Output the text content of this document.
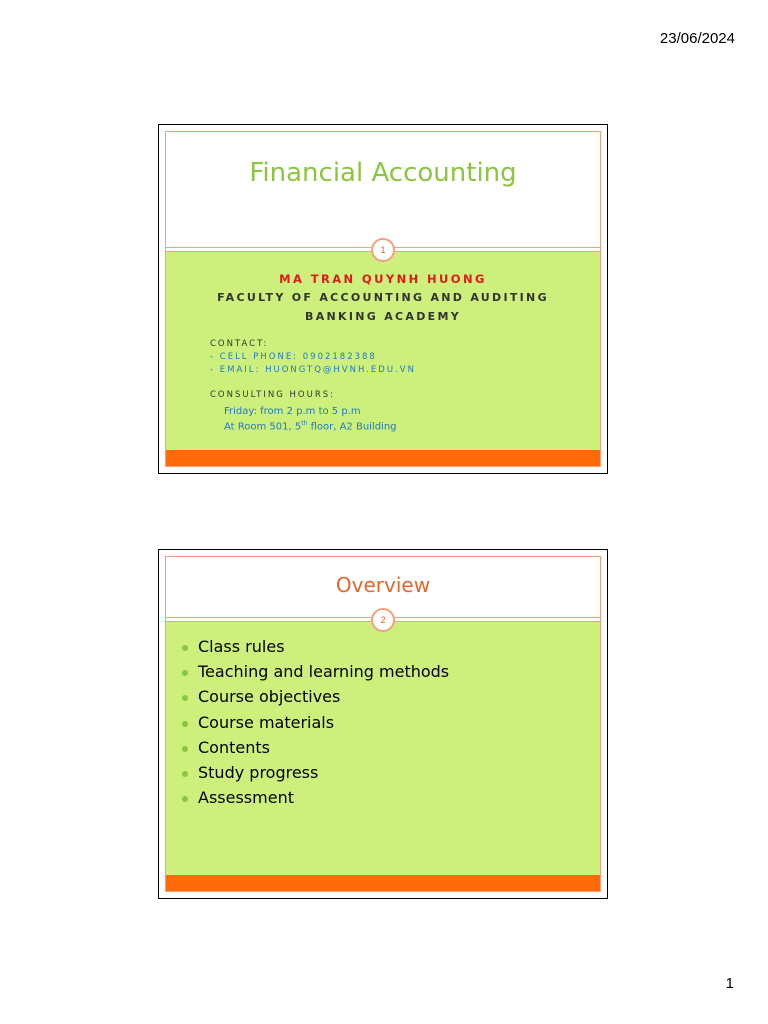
23/06/2024
Financial Accounting
1
MA TRAN QUYNH HUONG
FACULTY OF ACCOUNTING AND AUDITING
BANKING ACADEMY
CONTACT:
- CELL PHONE: 0902182388
- EMAIL: HUONGTQ@HVNH.EDU.VN
CONSULTING HOURS:
Friday: from 2 p.m to 5 p.m
At Room 501, 5th floor, A2 Building
Overview
2
Class rules
Teaching and learning methods
Course objectives
Course materials
Contents
Study progress
Assessment
1
